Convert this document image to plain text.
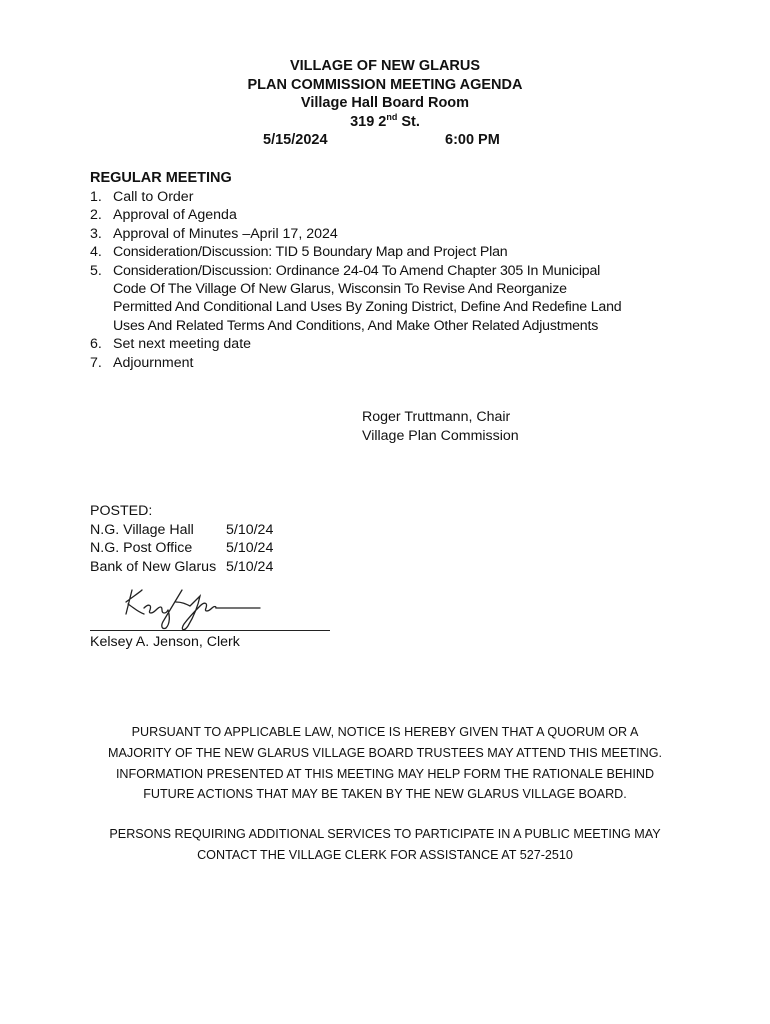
VILLAGE OF NEW GLARUS
PLAN COMMISSION MEETING AGENDA
Village Hall Board Room
319 2nd St.
5/15/2024	6:00 PM
REGULAR MEETING
1. Call to Order
2. Approval of Agenda
3. Approval of Minutes –April 17, 2024
4. Consideration/Discussion: TID 5 Boundary Map and Project Plan
5. Consideration/Discussion: Ordinance 24-04 To Amend Chapter 305 In Municipal
Code Of The Village Of New Glarus, Wisconsin To Revise And Reorganize
Permitted And Conditional Land Uses By Zoning District, Define And Redefine Land
Uses And Related Terms And Conditions, And Make Other Related Adjustments
6. Set next meeting date
7. Adjournment
Roger Truttmann, Chair
Village Plan Commission
POSTED:
N.G. Village Hall 5/10/24
N.G. Post Office 5/10/24
Bank of New Glarus 5/10/24
Kelsey A. Jenson, Clerk
PURSUANT TO APPLICABLE LAW, NOTICE IS HEREBY GIVEN THAT A QUORUM OR A
MAJORITY OF THE NEW GLARUS VILLAGE BOARD TRUSTEES MAY ATTEND THIS MEETING.
INFORMATION PRESENTED AT THIS MEETING MAY HELP FORM THE RATIONALE BEHIND
FUTURE ACTIONS THAT MAY BE TAKEN BY THE NEW GLARUS VILLAGE BOARD.
PERSONS REQUIRING ADDITIONAL SERVICES TO PARTICIPATE IN A PUBLIC MEETING MAY
CONTACT THE VILLAGE CLERK FOR ASSISTANCE AT 527-2510
